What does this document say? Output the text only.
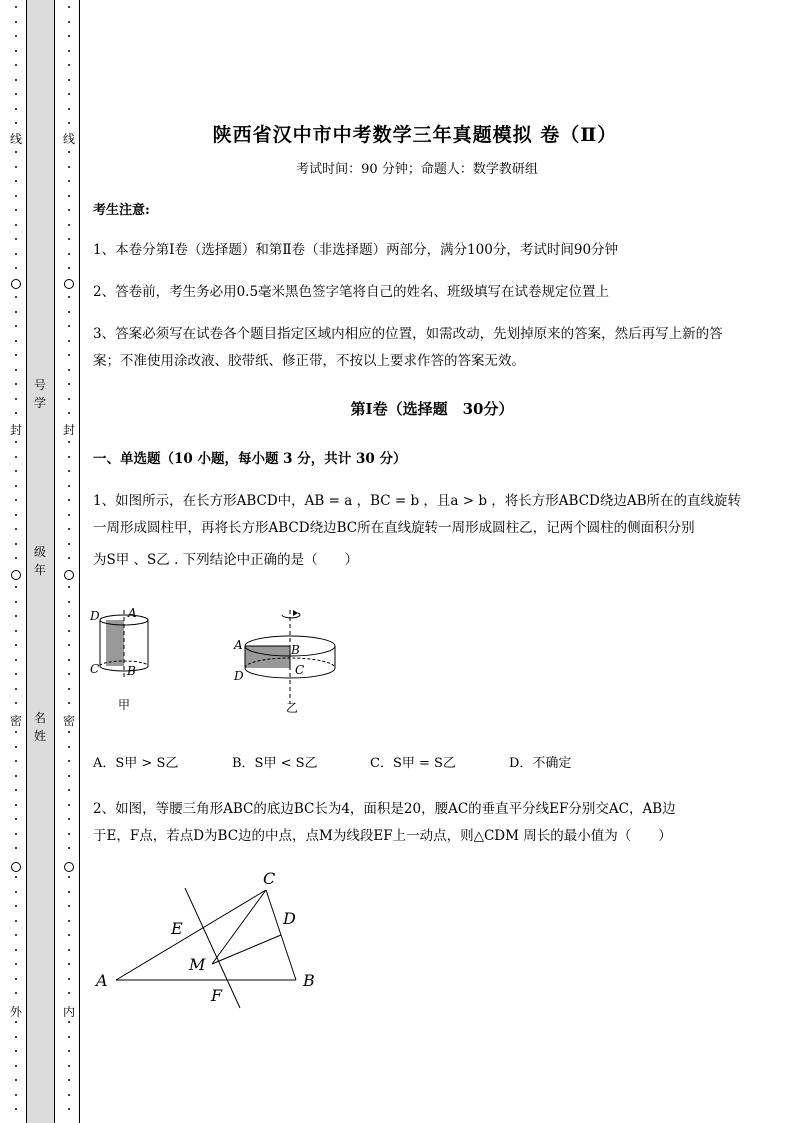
线
封
密
外
线
封
密
内
号
学
级
年
名
姓
陕西省汉中市中考数学三年真题模拟 卷（Ⅱ）
考试时间：90 分钟；命题人：数学教研组
考生注意:
1、本卷分第Ⅰ卷（选择题）和第Ⅱ卷（非选择题）两部分，满分100分，考试时间90分钟
2、答卷前，考生务必用0.5毫米黑色签字笔将自己的姓名、班级填写在试卷规定位置上
3、答案必须写在试卷各个题目指定区域内相应的位置，如需改动，先划掉原来的答案，然后再写上新的答案；不准使用涂改液、胶带纸、修正带，不按以上要求作答的答案无效。
第Ⅰ卷（选择题　30分）
一、单选题（10 小题，每小题 3 分，共计 30 分）
1、如图所示，在长方形ABCD中，AB = a ，BC = b ，且a > b ，将长方形ABCD绕边AB所在的直线旋转
一周形成圆柱甲，再将长方形ABCD绕边BC所在直线旋转一周形成圆柱乙，记两个圆柱的侧面积分别
为S甲 、S乙 . 下列结论中正确的是（　　）
D A
C B
甲
A	B
D	C
乙
A．S甲 > S乙	B．S甲 < S乙	C．S甲 = S乙	D．不确定
2、如图，等腰三角形ABC的底边BC长为4，面积是20，腰AC的垂直平分线EF分别交AC，AB边
于E，F点，若点D为BC边的中点，点M为线段EF上一动点，则△CDM 周长的最小值为（　　）
C
E
D
M
A
F
B
